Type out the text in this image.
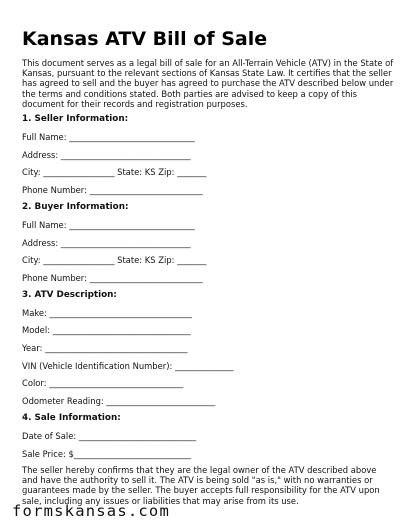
Kansas ATV Bill of Sale

This document serves as a legal bill of sale for an All-Terrain Vehicle (ATV) in the State of Kansas, pursuant to the relevant sections of Kansas State Law. It certifies that the seller has agreed to sell and the buyer has agreed to purchase the ATV described below under the terms and conditions stated. Both parties are advised to keep a copy of this document for their records and registration purposes.

1. Seller Information:
Full Name: ______________________________
Address: _______________________________
City: _________________ State: KS Zip: _______
Phone Number: ___________________________
2. Buyer Information:
Full Name: ______________________________
Address: _______________________________
City: _________________ State: KS Zip: _______
Phone Number: ___________________________
3. ATV Description:
Make: __________________________________
Model: _________________________________
Year: __________________________________
VIN (Vehicle Identification Number): ______________
Color: ________________________________
Odometer Reading: __________________________
4. Sale Information:
Date of Sale: ____________________________
Sale Price: $____________________________

The seller hereby confirms that they are the legal owner of the ATV described above and have the authority to sell it. The ATV is being sold "as is," with no warranties or guarantees made by the seller. The buyer accepts full responsibility for the ATV upon sale, including any issues or liabilities that may arise from its use.

formskansas.com
